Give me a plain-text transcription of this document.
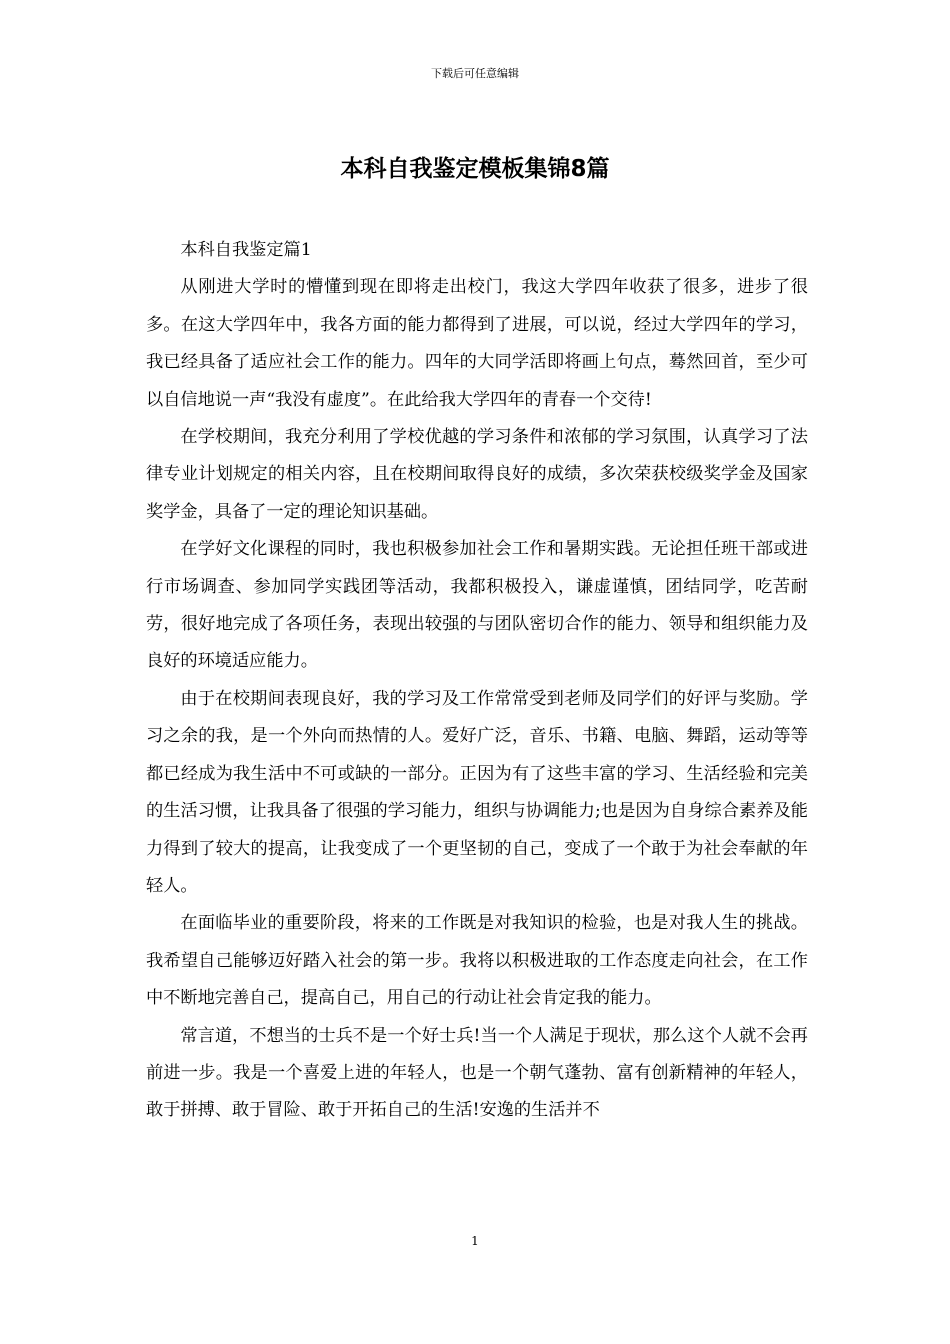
下载后可任意编辑
本科自我鉴定模板集锦8篇

本科自我鉴定篇1

从刚进大学时的懵懂到现在即将走出校门，我这大学四年收获了很多，进步了很多。在这大学四年中，我各方面的能力都得到了进展，可以说，经过大学四年的学习，我已经具备了适应社会工作的能力。四年的大同学活即将画上句点，蓦然回首，至少可以自信地说一声“我没有虚度”。在此给我大学四年的青春一个交待!

在学校期间，我充分利用了学校优越的学习条件和浓郁的学习氛围，认真学习了法律专业计划规定的相关内容，且在校期间取得良好的成绩，多次荣获校级奖学金及国家奖学金，具备了一定的理论知识基础。

在学好文化课程的同时，我也积极参加社会工作和暑期实践。无论担任班干部或进行市场调查、参加同学实践团等活动，我都积极投入，谦虚谨慎，团结同学，吃苦耐劳，很好地完成了各项任务，表现出较强的与团队密切合作的能力、领导和组织能力及良好的环境适应能力。

由于在校期间表现良好，我的学习及工作常常受到老师及同学们的好评与奖励。学习之余的我，是一个外向而热情的人。爱好广泛，音乐、书籍、电脑、舞蹈，运动等等都已经成为我生活中不可或缺的一部分。正因为有了这些丰富的学习、生活经验和完美的生活习惯，让我具备了很强的学习能力，组织与协调能力;也是因为自身综合素养及能力得到了较大的提高，让我变成了一个更坚韧的自己，变成了一个敢于为社会奉献的年轻人。

在面临毕业的重要阶段，将来的工作既是对我知识的检验，也是对我人生的挑战。我希望自己能够迈好踏入社会的第一步。我将以积极进取的工作态度走向社会，在工作中不断地完善自己，提高自己，用自己的行动让社会肯定我的能力。

常言道，不想当的士兵不是一个好士兵!当一个人满足于现状，那么这个人就不会再前进一步。我是一个喜爱上进的年轻人，也是一个朝气蓬勃、富有创新精神的年轻人，敢于拼搏、敢于冒险、敢于开拓自己的生活!安逸的生活并不

1
